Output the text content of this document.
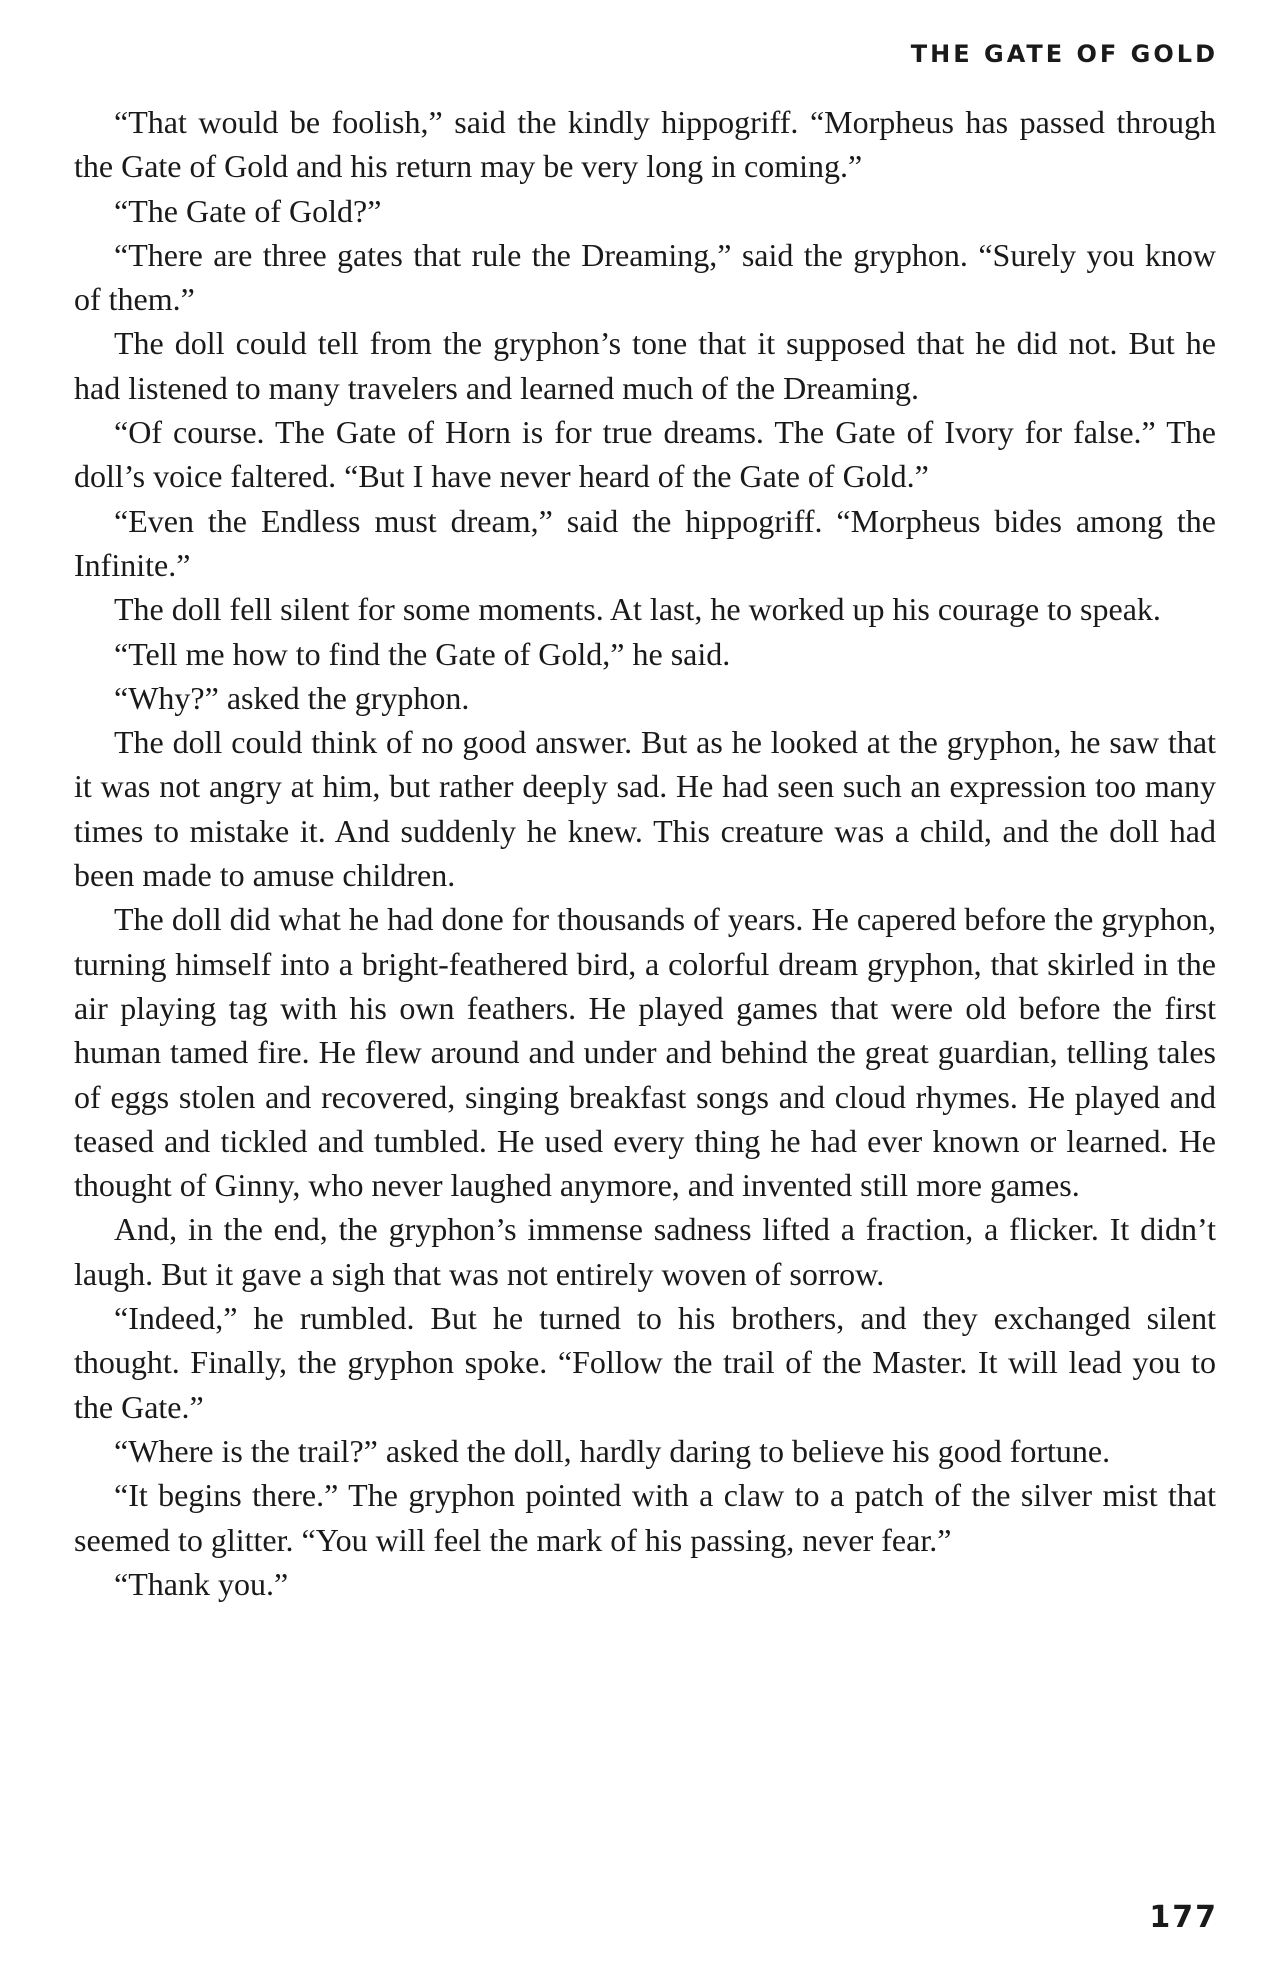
THE GATE OF GOLD

“That would be foolish,” said the kindly hippogriff. “Morpheus has passed through the Gate of Gold and his return may be very long in coming.”

“The Gate of Gold?”

“There are three gates that rule the Dreaming,” said the gryphon. “Surely you know of them.”

The doll could tell from the gryphon’s tone that it supposed that he did not. But he had listened to many travelers and learned much of the Dreaming.

“Of course. The Gate of Horn is for true dreams. The Gate of Ivory for false.” The doll’s voice faltered. “But I have never heard of the Gate of Gold.”

“Even the Endless must dream,” said the hippogriff. “Morpheus bides among the Infinite.”

The doll fell silent for some moments. At last, he worked up his courage to speak.

“Tell me how to find the Gate of Gold,” he said.

“Why?” asked the gryphon.

The doll could think of no good answer. But as he looked at the gryphon, he saw that it was not angry at him, but rather deeply sad. He had seen such an expression too many times to mistake it. And suddenly he knew. This creature was a child, and the doll had been made to amuse children.

The doll did what he had done for thousands of years. He capered before the gryphon, turning himself into a bright-feathered bird, a colorful dream gryphon, that skirled in the air playing tag with his own feathers. He played games that were old before the first human tamed fire. He flew around and under and behind the great guardian, telling tales of eggs stolen and recovered, singing breakfast songs and cloud rhymes. He played and teased and tickled and tumbled. He used every thing he had ever known or learned. He thought of Ginny, who never laughed anymore, and invented still more games.

And, in the end, the gryphon’s immense sadness lifted a fraction, a flicker. It didn’t laugh. But it gave a sigh that was not entirely woven of sorrow.

“Indeed,” he rumbled. But he turned to his brothers, and they exchanged silent thought. Finally, the gryphon spoke. “Follow the trail of the Master. It will lead you to the Gate.”

“Where is the trail?” asked the doll, hardly daring to believe his good fortune.

“It begins there.” The gryphon pointed with a claw to a patch of the silver mist that seemed to glitter. “You will feel the mark of his passing, never fear.”

“Thank you.”

177
